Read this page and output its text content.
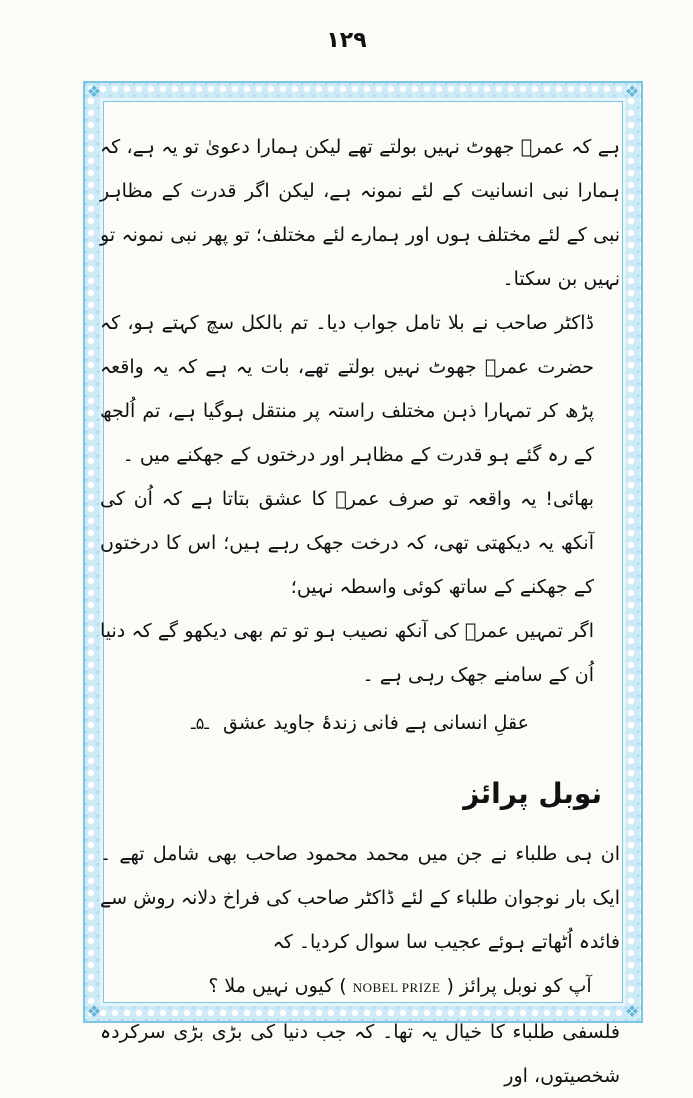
۱۲۹
❖	❖
❖	❖

ہے کہ عمرؒ جھوٹ نہیں بولتے تھے لیکن ہمارا دعویٰ تو یہ ہے، کہ ہمارا نبی انسانیت کے لئے نمونہ ہے، لیکن اگر قدرت کے مظاہر نبی کے لئے مختلف ہوں اور ہمارے لئے مختلف؛ تو پھر نبی نمونہ تو نہیں بن سکتا۔

ڈاکٹر صاحب نے بلا تامل جواب دیا۔ تم بالکل سچ کہتے ہو، کہ حضرت عمرؒ جھوٹ نہیں بولتے تھے، بات یہ ہے کہ یہ واقعہ پڑھ کر تمہارا ذہن مختلف راستہ پر منتقل ہوگیا ہے، تم اُلجھ کے رہ گئے ہو قدرت کے مظاہر اور درختوں کے جھکنے میں ۔

بھائی! یہ واقعہ تو صرف عمرؒ کا عشق بتاتا ہے کہ اُن کی آنکھ یہ دیکھتی تھی، کہ درخت جھک رہے ہیں؛ اس کا درختوں کے جھکنے کے ساتھ کوئی واسطہ نہیں؛

اگر تمہیں عمرؒ کی آنکھ نصیب ہو تو تم بھی دیکھو گے کہ دنیا اُن کے سامنے جھک رہی ہے ۔

عقلِ انسانی ہے فانی زندۂ جاوید عشق ـ۵ـ
نوبل پرائز

ان ہی طلباء نے جن میں محمد محمود صاحب بھی شامل تھے ۔ ایک بار نوجوان طلباء کے لئے ڈاکٹر صاحب کی فراخ دلانہ روش سے فائدہ اُٹھاتے ہوئے عجیب سا سوال کردیا۔ کہ

آپ کو نوبل پرائز ( NOBEL PRIZE ) کیوں نہیں ملا ؟

فلسفی طلباء کا خیال یہ تھا۔ کہ جب دنیا کی بڑی بڑی سرکردہ شخصیتوں، اور
